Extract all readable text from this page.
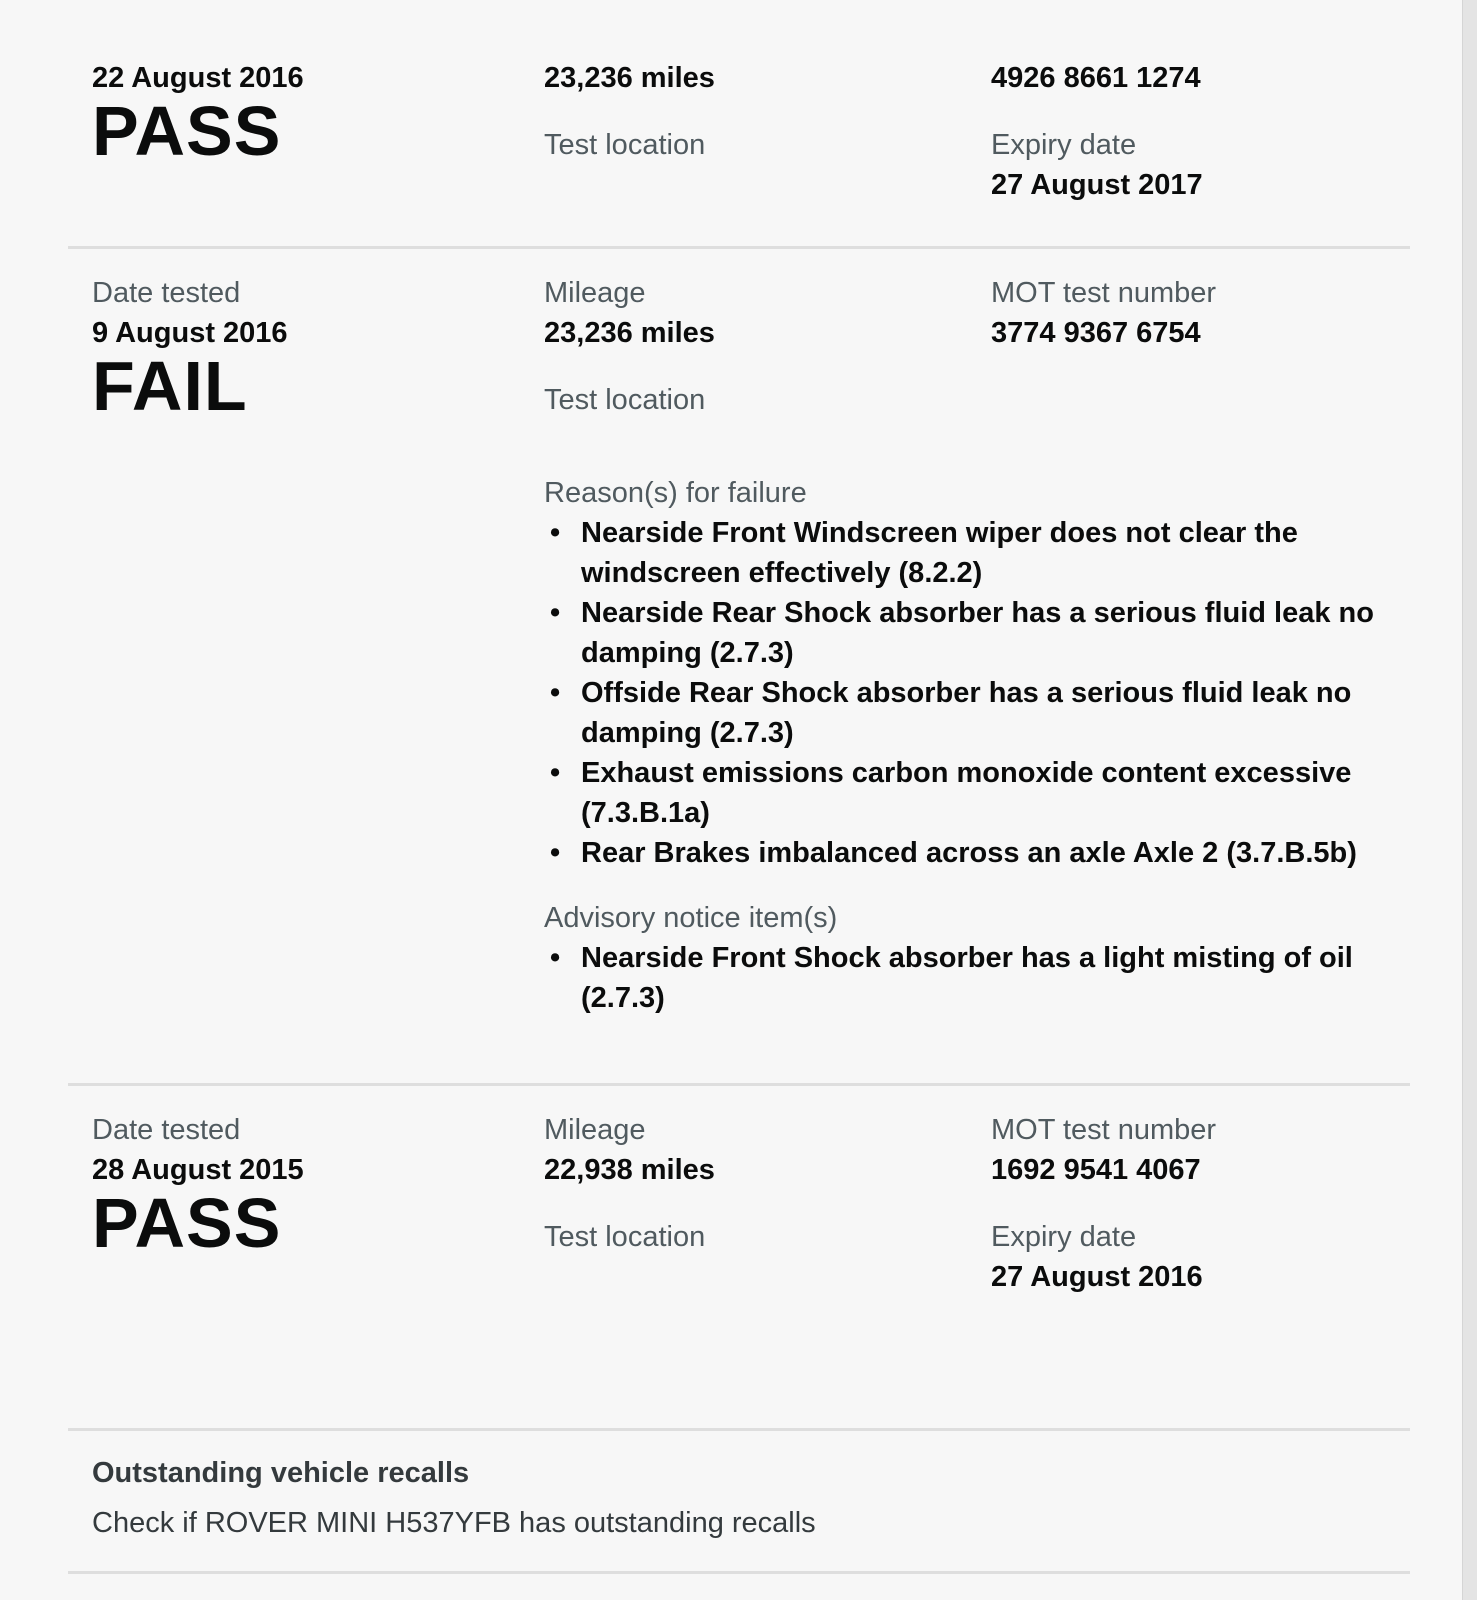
22 August 2016
PASS
23,236 miles
Test location
4926 8661 1274
Expiry date
27 August 2017
Date tested
9 August 2016
FAIL
Mileage
23,236 miles
Test location
Reason(s) for failure
• Nearside Front Windscreen wiper does not clear the windscreen effectively (8.2.2)
• Nearside Rear Shock absorber has a serious fluid leak no damping (2.7.3)
• Offside Rear Shock absorber has a serious fluid leak no damping (2.7.3)
• Exhaust emissions carbon monoxide content excessive (7.3.B.1a)
• Rear Brakes imbalanced across an axle Axle 2 (3.7.B.5b)
Advisory notice item(s)
• Nearside Front Shock absorber has a light misting of oil (2.7.3)
MOT test number
3774 9367 6754
Date tested
28 August 2015
PASS
Mileage
22,938 miles
Test location
MOT test number
1692 9541 4067
Expiry date
27 August 2016
Outstanding vehicle recalls
Check if ROVER MINI H537YFB has outstanding recalls
